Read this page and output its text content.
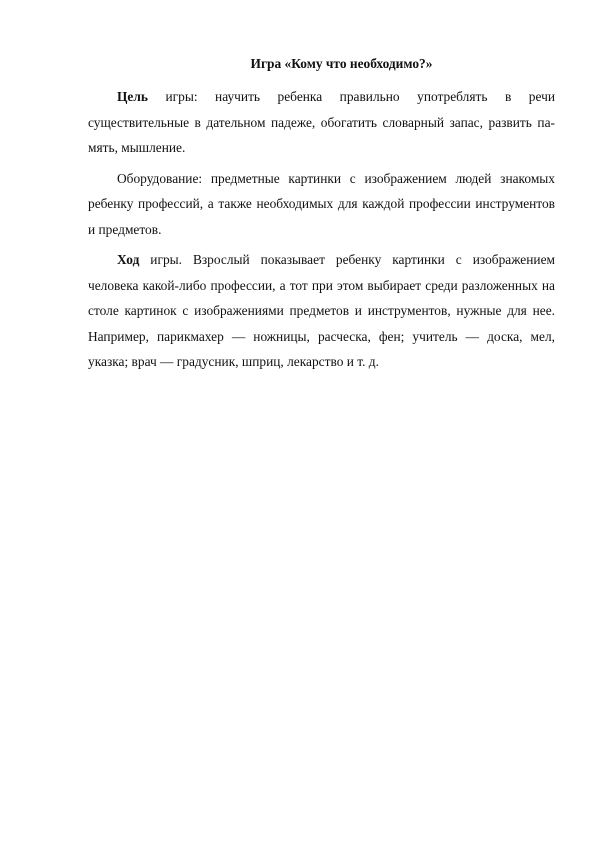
Игра «Кому что необходимо?»

Цель игры: научить ребенка правильно употреблять в речи существительные в дательном падеже, обогатить словарный запас, развить память, мышление.

Оборудование: предметные картинки с изображением людей знакомых ребенку профессий, а также необходимых для каждой профессии инструментов и предметов.

Ход игры. Взрослый показывает ребенку картинки с изображением человека какой-либо профессии, а тот при этом выбирает среди разложенных на столе картинок с изображениями предметов и инструментов, нужные для нее. Например, парикмахер — ножницы, расческа, фен; учитель — доска, мел, указка; врач — градусник, шприц, лекарство и т. д.
